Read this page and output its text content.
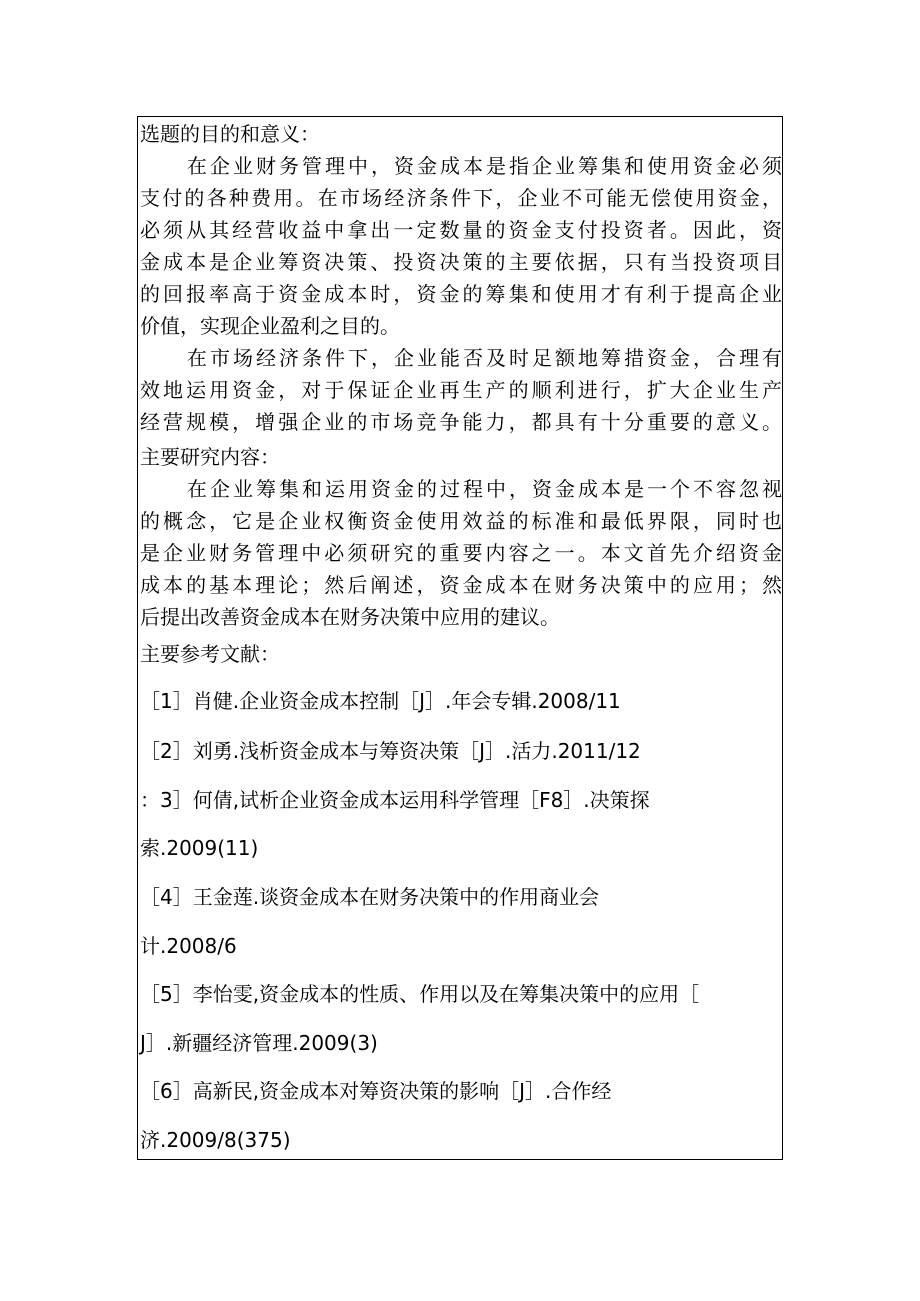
选题的目的和意义：
在企业财务管理中，资金成本是指企业筹集和使用资金必须
支付的各种费用。在市场经济条件下，企业不可能无偿使用资金，
必须从其经营收益中拿出一定数量的资金支付投资者。因此，资
金成本是企业筹资决策、投资决策的主要依据，只有当投资项目
的回报率高于资金成本时，资金的筹集和使用才有利于提高企业
价值，实现企业盈利之目的。
在市场经济条件下，企业能否及时足额地筹措资金，合理有
效地运用资金，对于保证企业再生产的顺利进行，扩大企业生产
经营规模，增强企业的市场竞争能力，都具有十分重要的意义。
主要研究内容：
在企业筹集和运用资金的过程中，资金成本是一个不容忽视
的概念，它是企业权衡资金使用效益的标准和最低界限，同时也
是企业财务管理中必须研究的重要内容之一。本文首先介绍资金
成本的基本理论；然后阐述，资金成本在财务决策中的应用；然
后提出改善资金成本在财务决策中应用的建议。
主要参考文献：
［1］肖健.企业资金成本控制［J］.年会专辑.2008/11
［2］刘勇.浅析资金成本与筹资决策［J］.活力.2011/12
：3］何倩,试析企业资金成本运用科学管理［F8］.决策探
索.2009(11)
［4］王金莲.谈资金成本在财务决策中的作用商业会
计.2008/6
［5］李怡雯,资金成本的性质、作用以及在筹集决策中的应用［
J］.新疆经济管理.2009(3)
［6］高新民,资金成本对筹资决策的影响［J］.合作经
济.2009/8(375)
